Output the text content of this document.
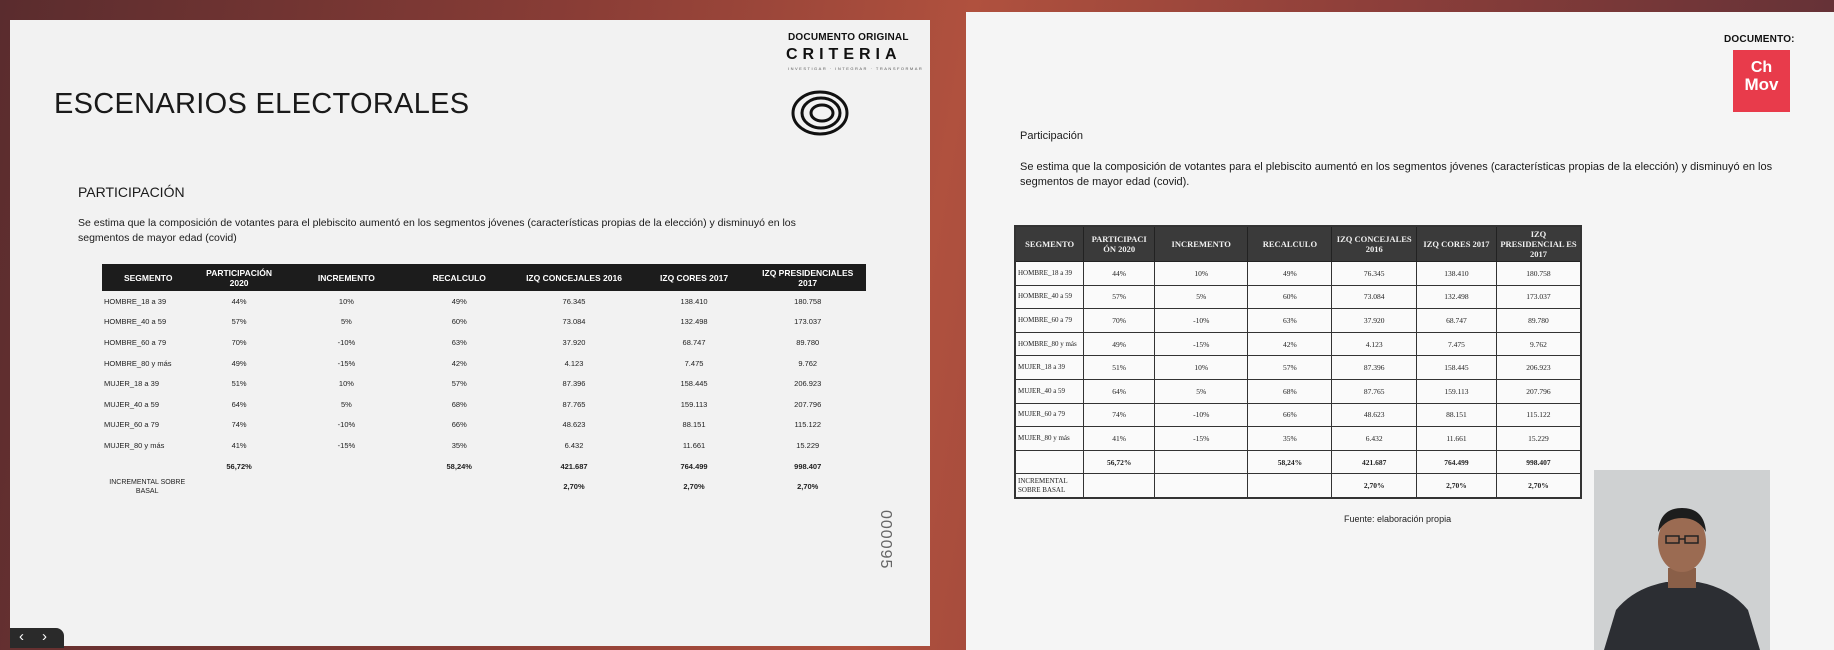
DOCUMENTO ORIGINAL
CRITERIA
INVESTIGAR · INTEGRAR · TRANSFORMAR
ESCENARIOS ELECTORALES
PARTICIPACIÓN
Se estima que la composición de votantes para el plebiscito aumentó en los segmentos jóvenes (características propias de la elección) y disminuyó en los segmentos de mayor edad (covid)
SEGMENTO	PARTICIPACIÓN 2020	INCREMENTO	RECALCULO	IZQ CONCEJALES 2016	IZQ CORES 2017	IZQ PRESIDENCIALES 2017
HOMBRE_18 a 39	44%	10%	49%	76.345	138.410	180.758
HOMBRE_40 a 59	57%	5%	60%	73.084	132.498	173.037
HOMBRE_60 a 79	70%	-10%	63%	37.920	68.747	89.780
HOMBRE_80 y más	49%	-15%	42%	4.123	7.475	9.762
MUJER_18 a 39	51%	10%	57%	87.396	158.445	206.923
MUJER_40 a 59	64%	5%	68%	87.765	159.113	207.796
MUJER_60 a 79	74%	-10%	66%	48.623	88.151	115.122
MUJER_80 y más	41%	-15%	35%	6.432	11.661	15.229
	56,72%		58,24%	421.687	764.499	998.407
INCREMENTAL SOBRE BASAL				2,70%	2,70%	2,70%
000095
‹ ›
DOCUMENTO:
Participación
Se estima que la composición de votantes para el plebiscito aumentó en los segmentos jóvenes (características propias de la elección) y disminuyó en los segmentos de mayor edad (covid).
SEGMENTO	PARTICIPACI ÓN 2020	INCREMENTO	RECALCULO	IZQ CONCEJALES 2016	IZQ CORES 2017	IZQ PRESIDENCIAL ES 2017
HOMBRE_18 a 39	44%	10%	49%	76.345	138.410	180.758
HOMBRE_40 a 59	57%	5%	60%	73.084	132.498	173.037
HOMBRE_60 a 79	70%	-10%	63%	37.920	68.747	89.780
HOMBRE_80 y más	49%	-15%	42%	4.123	7.475	9.762
MUJER_18 a 39	51%	10%	57%	87.396	158.445	206.923
MUJER_40 a 59	64%	5%	68%	87.765	159.113	207.796
MUJER_60 a 79	74%	-10%	66%	48.623	88.151	115.122
MUJER_80 y más	41%	-15%	35%	6.432	11.661	15.229
	56,72%		58,24%	421.687	764.499	998.407
INCREMENTAL SOBRE BASAL				2,70%	2,70%	2,70%
Fuente: elaboración propia
Ch
Mov
